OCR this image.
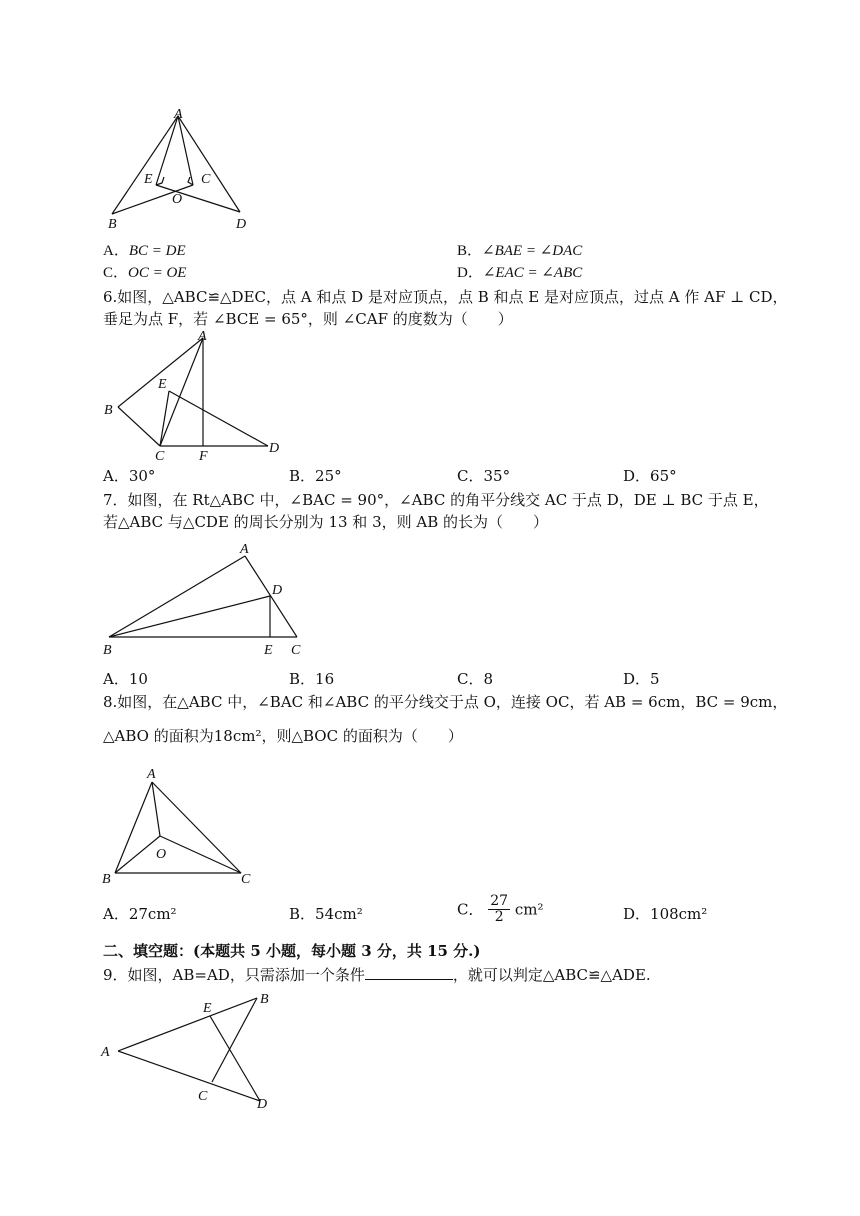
A
E	C
O
B	D
A．BC = DE	B．∠BAE = ∠DAC
C．OC = OE	D．∠EAC = ∠ABC
6.如图，△ABC≌△DEC，点 A 和点 D 是对应顶点，点 B 和点 E 是对应顶点，过点 A 作 AF ⊥ CD，
垂足为点 F，若 ∠BCE = 65°，则 ∠CAF 的度数为（　　）
A
E
B
C F
D
A．30°	B．25°	C．35°	D．65°
7．如图，在 Rt△ABC 中，∠BAC = 90°，∠ABC 的角平分线交 AC 于点 D，DE ⊥ BC 于点 E，
若△ABC 与△CDE 的周长分别为 13 和 3，则 AB 的长为（　　）
A
D
B	E C
A．10	B．16	C．8	D．5
8.如图，在△ABC 中，∠BAC 和∠ABC 的平分线交于点 O，连接 OC，若 AB = 6cm，BC = 9cm，
△ABO 的面积为18cm²，则△BOC 的面积为（　　）
A
O
B	C
A．27cm²	B．54cm²	C． $\frac{27}{2} cm^2$	D．108cm²
二、填空题：(本题共 5 小题，每小题 3 分，共 15 分.)
9．如图，AB=AD，只需添加一个条件	，就可以判定△ABC≌△ADE.
E
B
A
C
D
